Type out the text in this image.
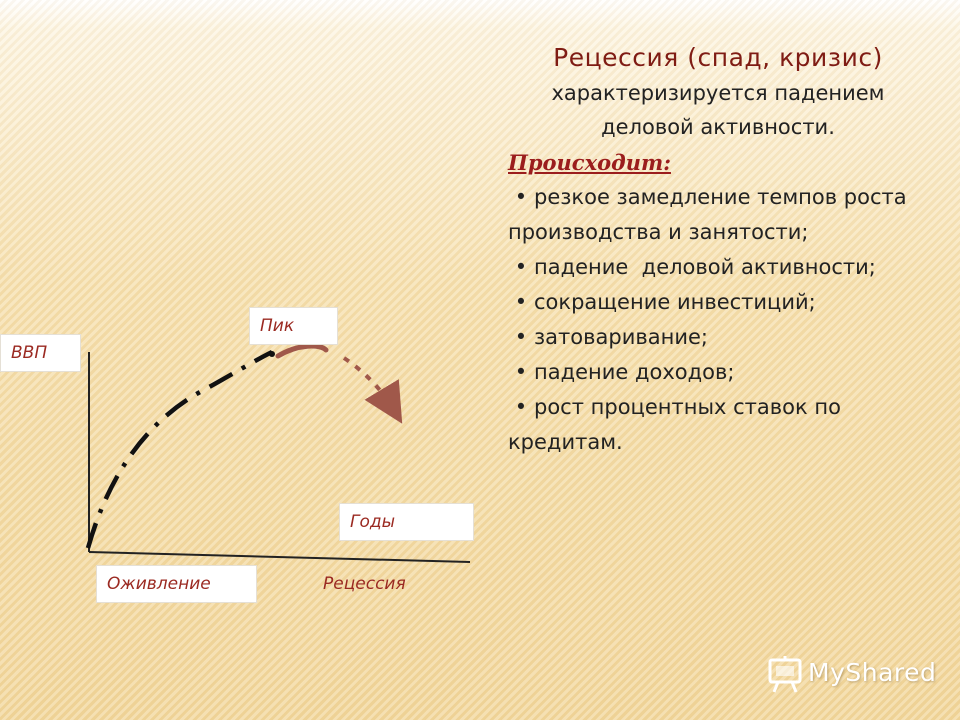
ВВП
Пик
Годы
Оживление	Рецессия

Рецессия (спад, кризис)

характеризируется падением

деловой активности.

Происходит:

• резкое замедление темпов роста производства и занятости;
• падение  деловой активности;
• сокращение инвестиций;
• затоваривание;
• падение доходов;
• рост процентных ставок по кредитам.
MyShared
